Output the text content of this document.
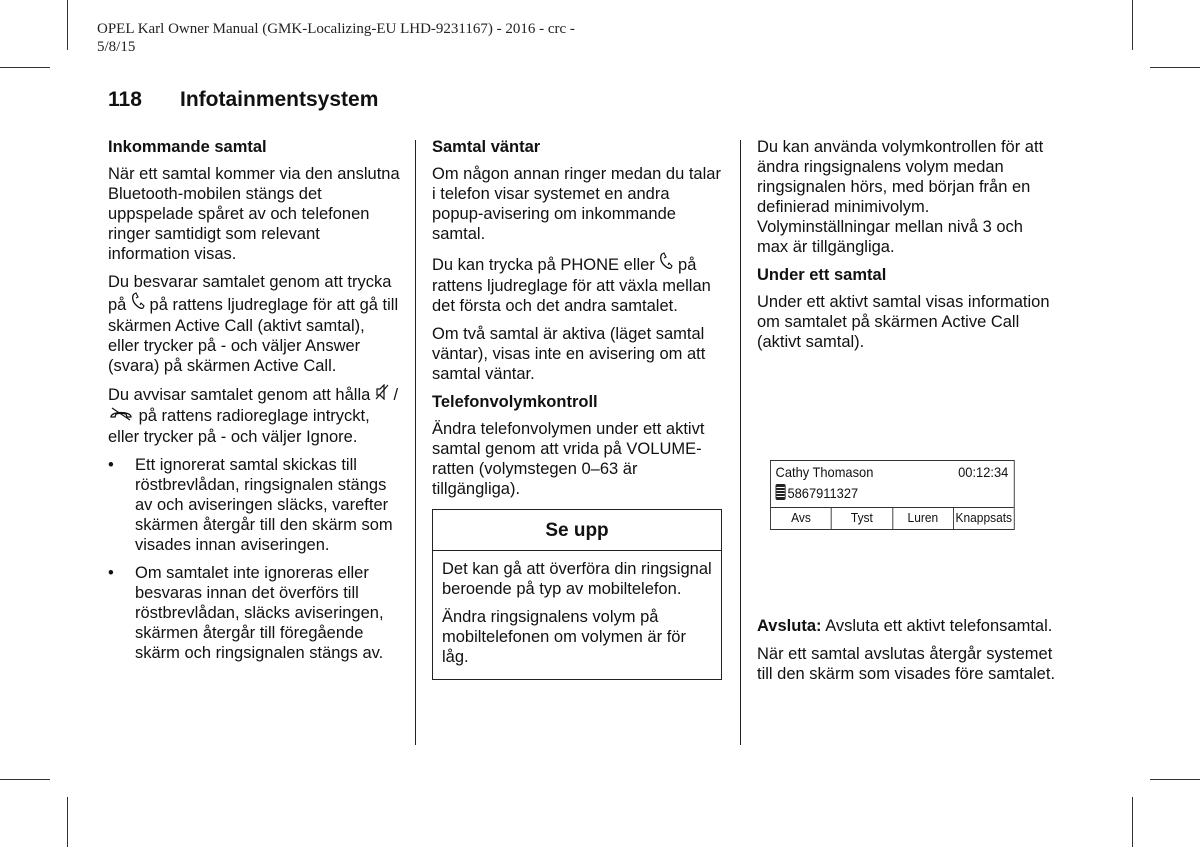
OPEL Karl Owner Manual (GMK-Localizing-EU LHD-9231167) - 2016 - crc -
5/8/15
118 Infotainmentsystem
Inkommande samtal

När ett samtal kommer via den anslutna Bluetooth-mobilen stängs det uppspelade spåret av och telefonen ringer samtidigt som relevant information visas.

Du besvarar samtalet genom att trycka på på rattens ljudreglage för att gå till skärmen Active Call (aktivt samtal), eller trycker på - och väljer Answer (svara) på skärmen Active Call.

Du avvisar samtalet genom att hålla /  på rattens radioreglage intryckt, eller trycker på - och väljer Ignore.

• Ett ignorerat samtal skickas till röstbrevlådan, ringsignalen stängs av och aviseringen släcks, varefter skärmen återgår till den skärm som visades innan aviseringen.
• Om samtalet inte ignoreras eller besvaras innan det överförs till röstbrevlådan, släcks aviseringen, skärmen återgår till föregående skärm och ringsignalen stängs av.
Samtal väntar

Om någon annan ringer medan du talar i telefon visar systemet en andra popup-avisering om inkommande samtal.

Du kan trycka på PHONE eller på rattens ljudreglage för att växla mellan det första och det andra samtalet.

Om två samtal är aktiva (läget samtal väntar), visas inte en avisering om att samtal väntar.

Telefonvolymkontroll

Ändra telefonvolymen under ett aktivt samtal genom att vrida på VOLUME-ratten (volymstegen 0–63 är tillgängliga).

Se upp

Det kan gå att överföra din ringsignal beroende på typ av mobiltelefon.

Ändra ringsignalens volym på mobiltelefonen om volymen är för låg.

Du kan använda volymkontrollen för att ändra ringsignalens volym medan ringsignalen hörs, med början från en definierad minimivolym. Volyminställningar mellan nivå 3 och max är tillgängliga.

Under ett samtal

Under ett aktivt samtal visas information om samtalet på skärmen Active Call (aktivt samtal).

Cathy Thomason	00:12:34
5867911327
Avs	Tyst	Luren	Knappsats

Avsluta: Avsluta ett aktivt telefonsamtal.

När ett samtal avslutas återgår systemet till den skärm som visades före samtalet.
